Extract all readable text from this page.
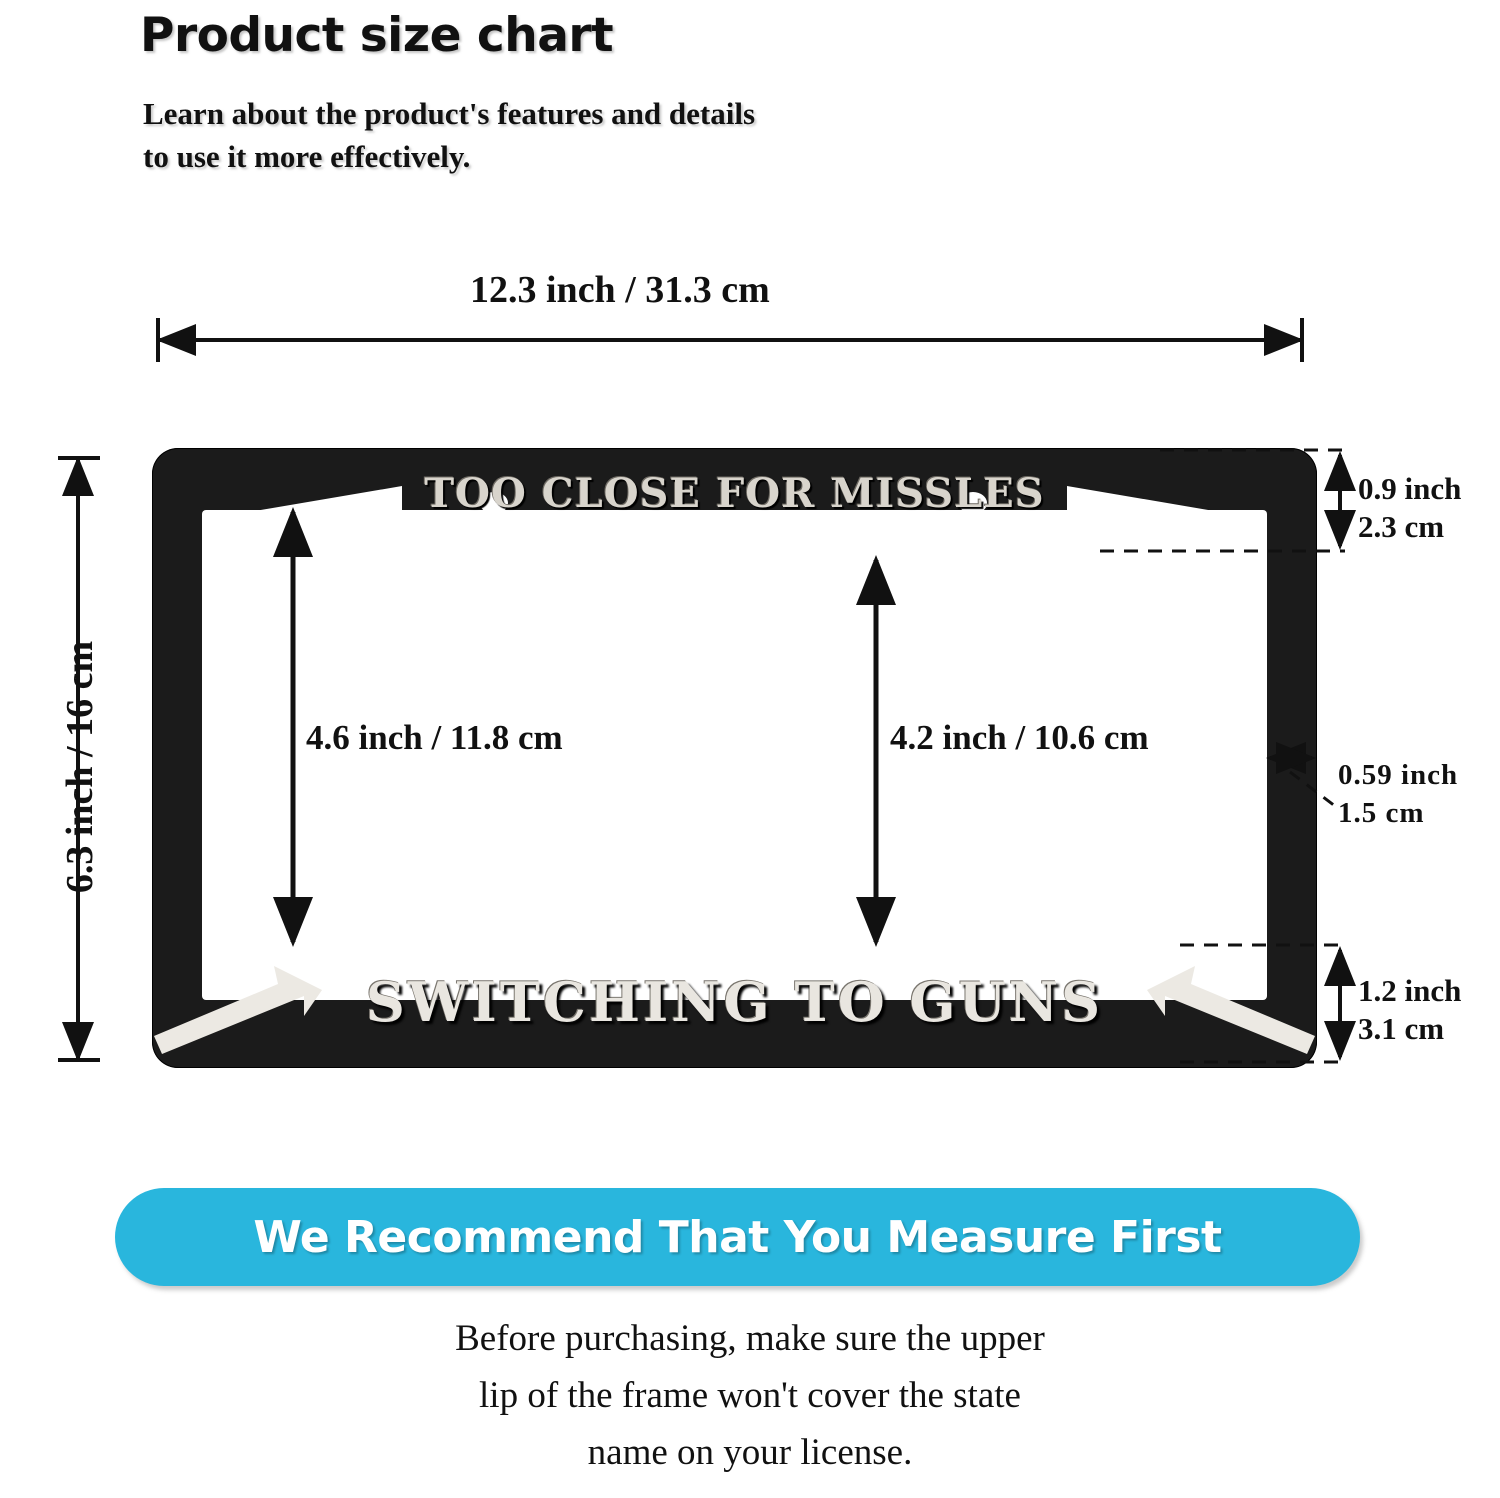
Product size chart
Learn about the product's features and details
to use it more effectively.
12.3 inch / 31.3 cm
6.3 inch / 16 cm
TOO CLOSE FOR MISSLES
SWITCHING TO GUNS
4.6 inch / 11.8 cm	4.2 inch / 10.6 cm
0.9 inch
2.3 cm
0.59 inch
1.5 cm
1.2 inch
3.1 cm
We Recommend That You Measure First
Before purchasing, make sure the upper
lip of the frame won't cover the state
name on your license.
